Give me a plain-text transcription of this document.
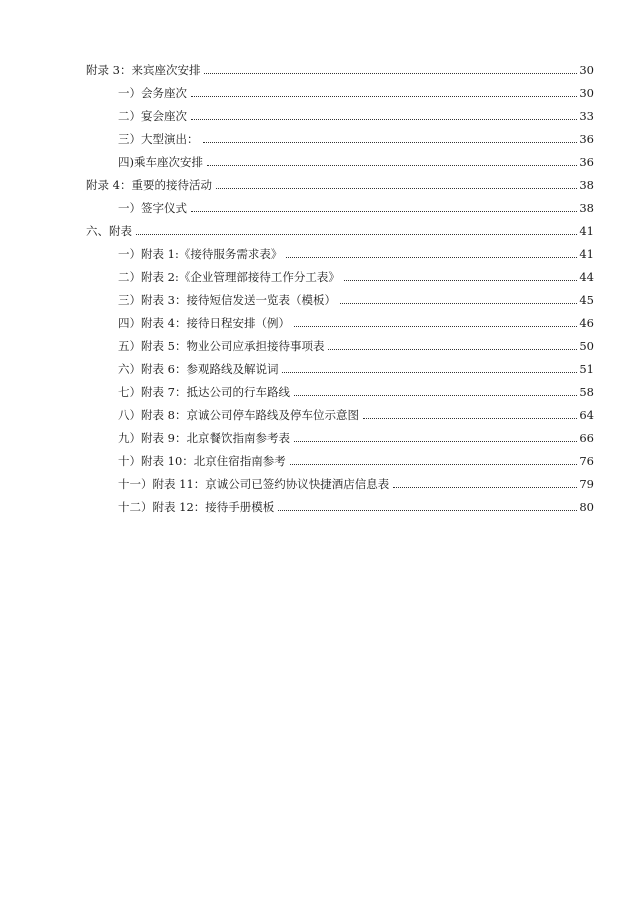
附录 3：来宾座次安排	30
一）会务座次	30
二）宴会座次	33
三）大型演出：	36
四)乘车座次安排	36
附录 4：重要的接待活动	38
一）签字仪式	38
六、附表	41
一）附表 1:《接待服务需求表》	41
二）附表 2:《企业管理部接待工作分工表》	44
三）附表 3：接待短信发送一览表（模板）	45
四）附表 4：接待日程安排（例）	46
五）附表 5：物业公司应承担接待事项表	50
六）附表 6：参观路线及解说词	51
七）附表 7：抵达公司的行车路线	58
八）附表 8：京诚公司停车路线及停车位示意图	64
九）附表 9：北京餐饮指南参考表	66
十）附表 10：北京住宿指南参考	76
十一）附表 11：京诚公司已签约协议快捷酒店信息表	79
十二）附表 12：接待手册模板	80
